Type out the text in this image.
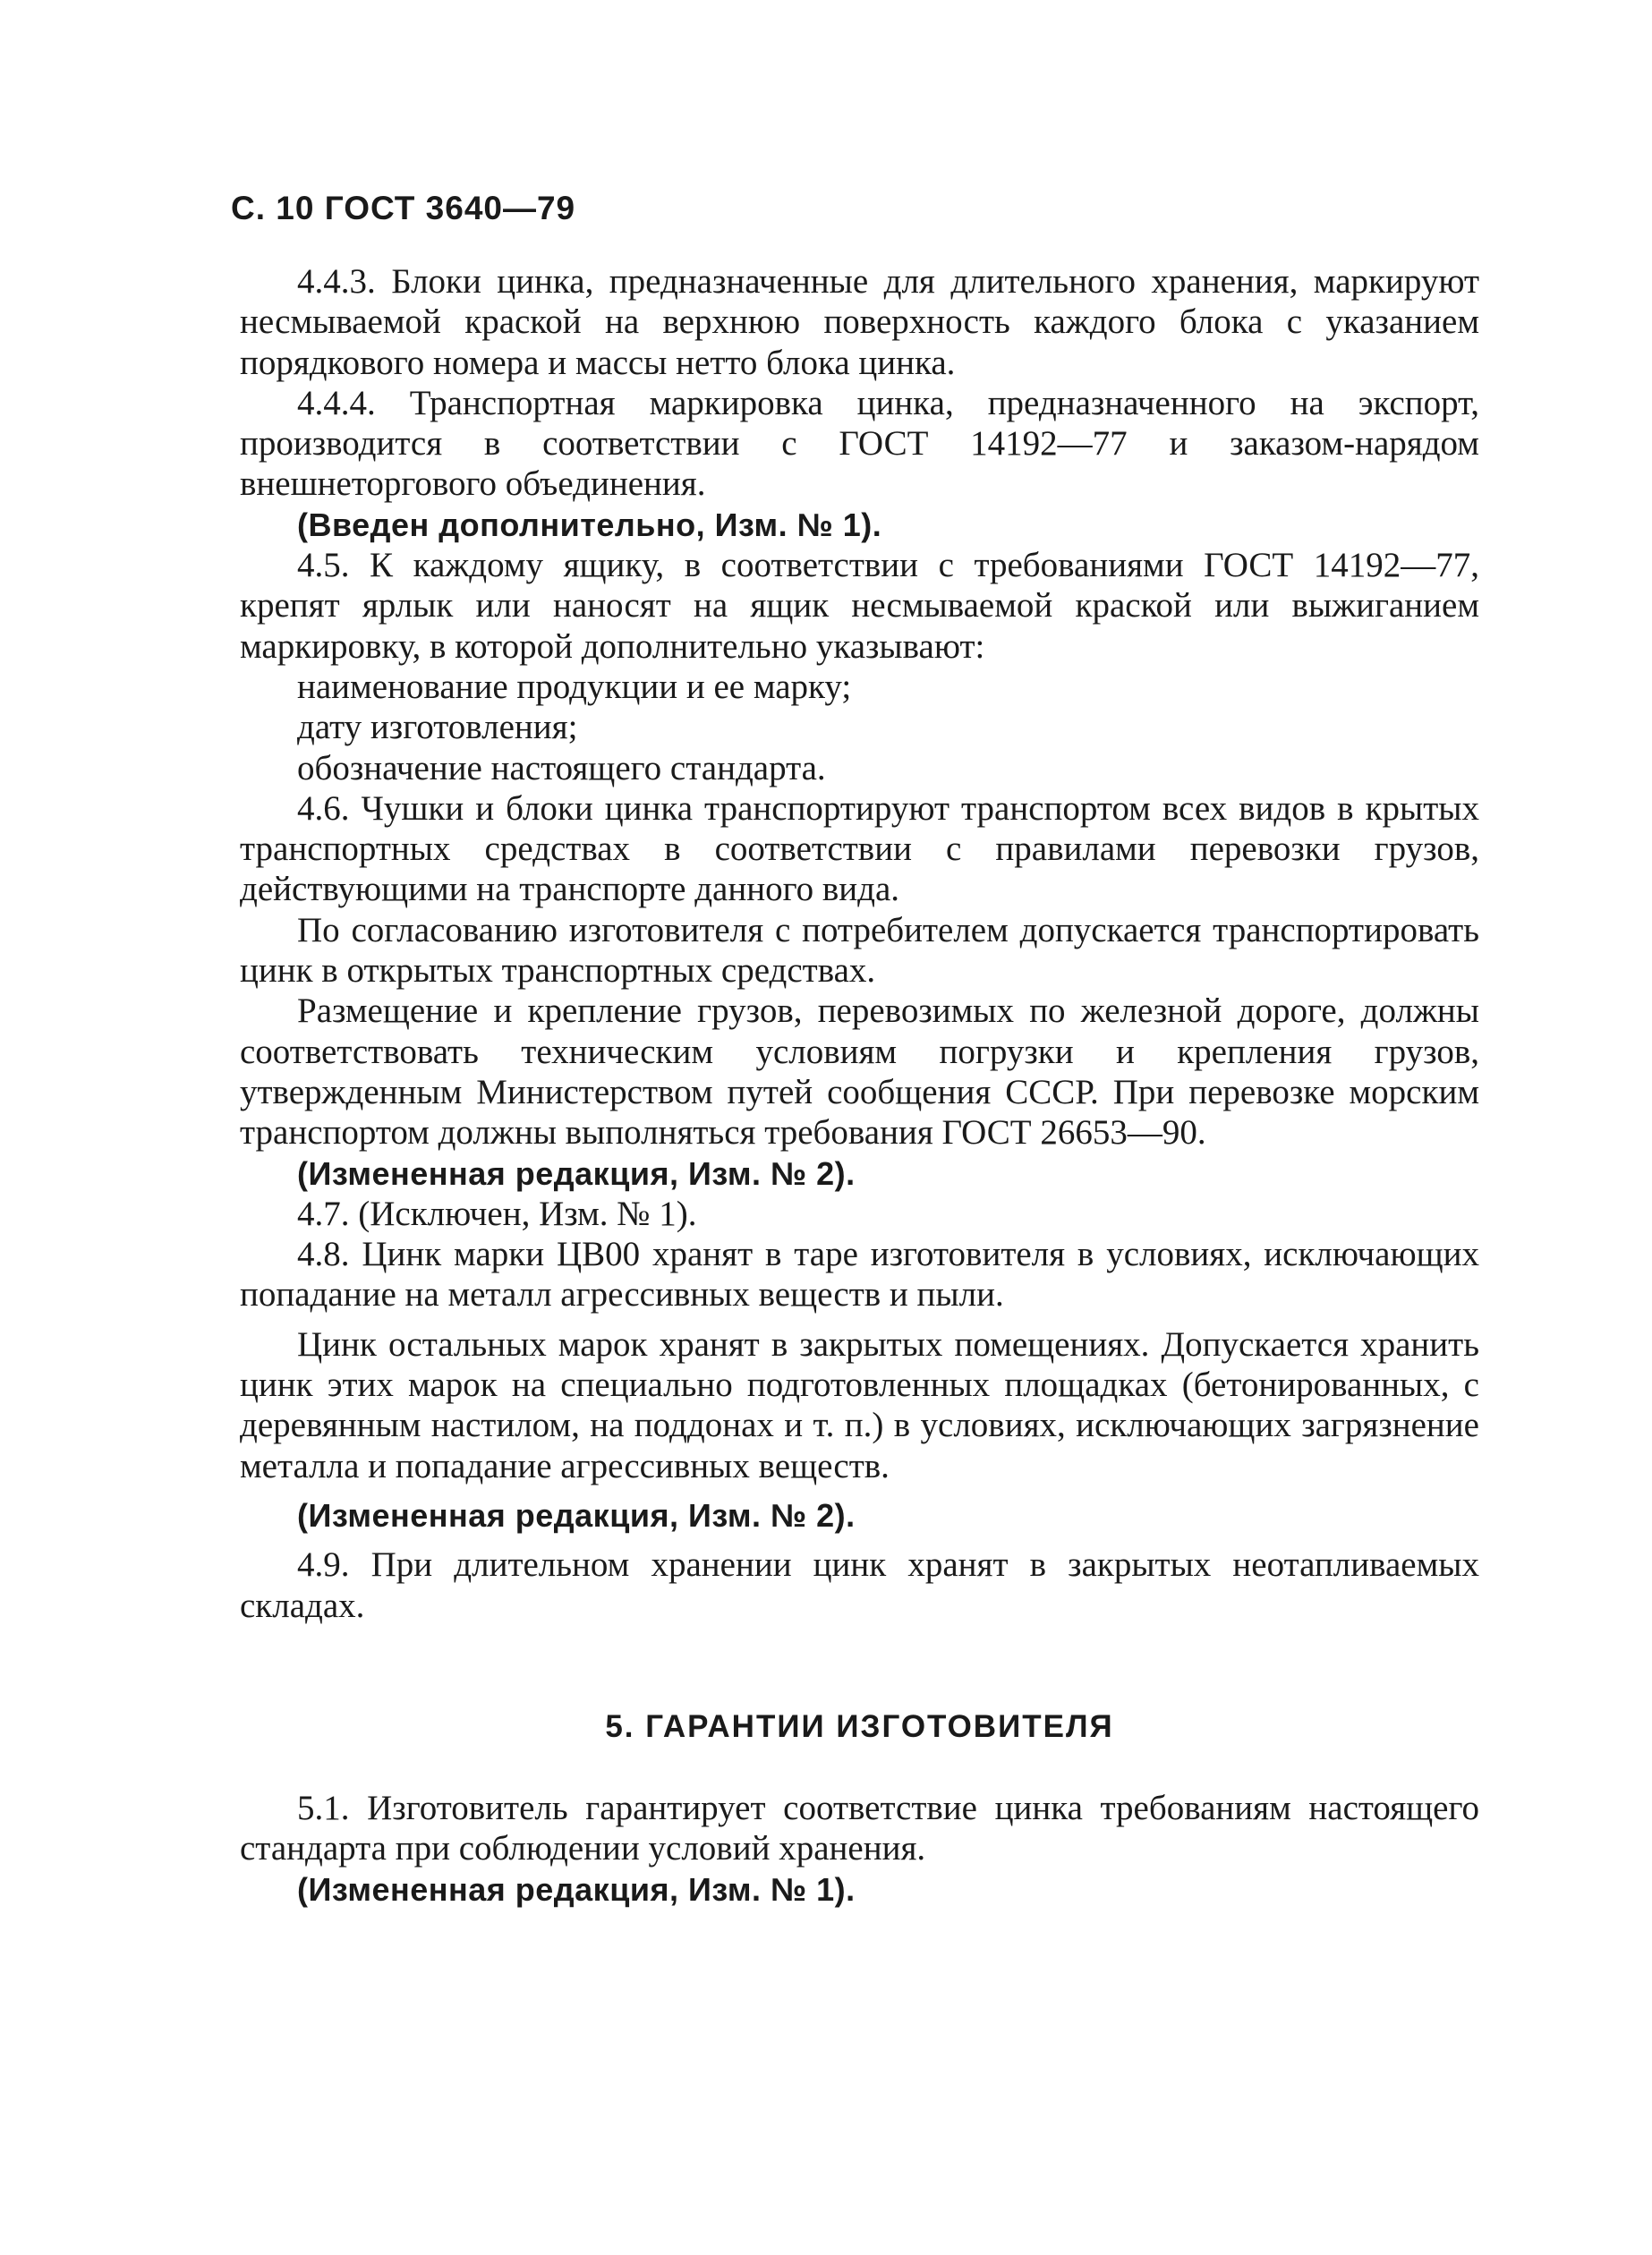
С. 10 ГОСТ 3640—79

4.4.3. Блоки цинка, предназначенные для длительного хранения, маркируют несмываемой краской на верхнюю поверхность каждого блока с указанием порядкового номера и массы нетто блока цинка.

4.4.4. Транспортная маркировка цинка, предназначенного на экспорт, производится в соответствии с ГОСТ 14192—77 и заказом-нарядом внешнеторгового объединения.

(Введен дополнительно, Изм. № 1).

4.5. К каждому ящику, в соответствии с требованиями ГОСТ 14192—77, крепят ярлык или наносят на ящик несмываемой краской или выжиганием маркировку, в которой дополнительно указывают:

наименование продукции и ее марку;

дату изготовления;

обозначение настоящего стандарта.

4.6. Чушки и блоки цинка транспортируют транспортом всех видов в крытых транспортных средствах в соответствии с правилами перевозки грузов, действующими на транспорте данного вида.

По согласованию изготовителя с потребителем допускается транспортировать цинк в открытых транспортных средствах.

Размещение и крепление грузов, перевозимых по железной дороге, должны соответствовать техническим условиям погрузки и крепления грузов, утвержденным Министерством путей сообщения СССР. При перевозке морским транспортом должны выполняться требования ГОСТ 26653—90.

(Измененная редакция, Изм. № 2).

4.7. (Исключен, Изм. № 1).

4.8. Цинк марки ЦВ00 хранят в таре изготовителя в условиях, исключающих попадание на металл агрессивных веществ и пыли.

Цинк остальных марок хранят в закрытых помещениях. Допускается хранить цинк этих марок на специально подготовленных площадках (бетонированных, с деревянным настилом, на поддонах и т. п.) в условиях, исключающих загрязнение металла и попадание агрессивных веществ.

(Измененная редакция, Изм. № 2).

4.9. При длительном хранении цинк хранят в закрытых неотапливаемых складах.

5. ГАРАНТИИ ИЗГОТОВИТЕЛЯ

5.1. Изготовитель гарантирует соответствие цинка требованиям настоящего стандарта при соблюдении условий хранения.

(Измененная редакция, Изм. № 1).
